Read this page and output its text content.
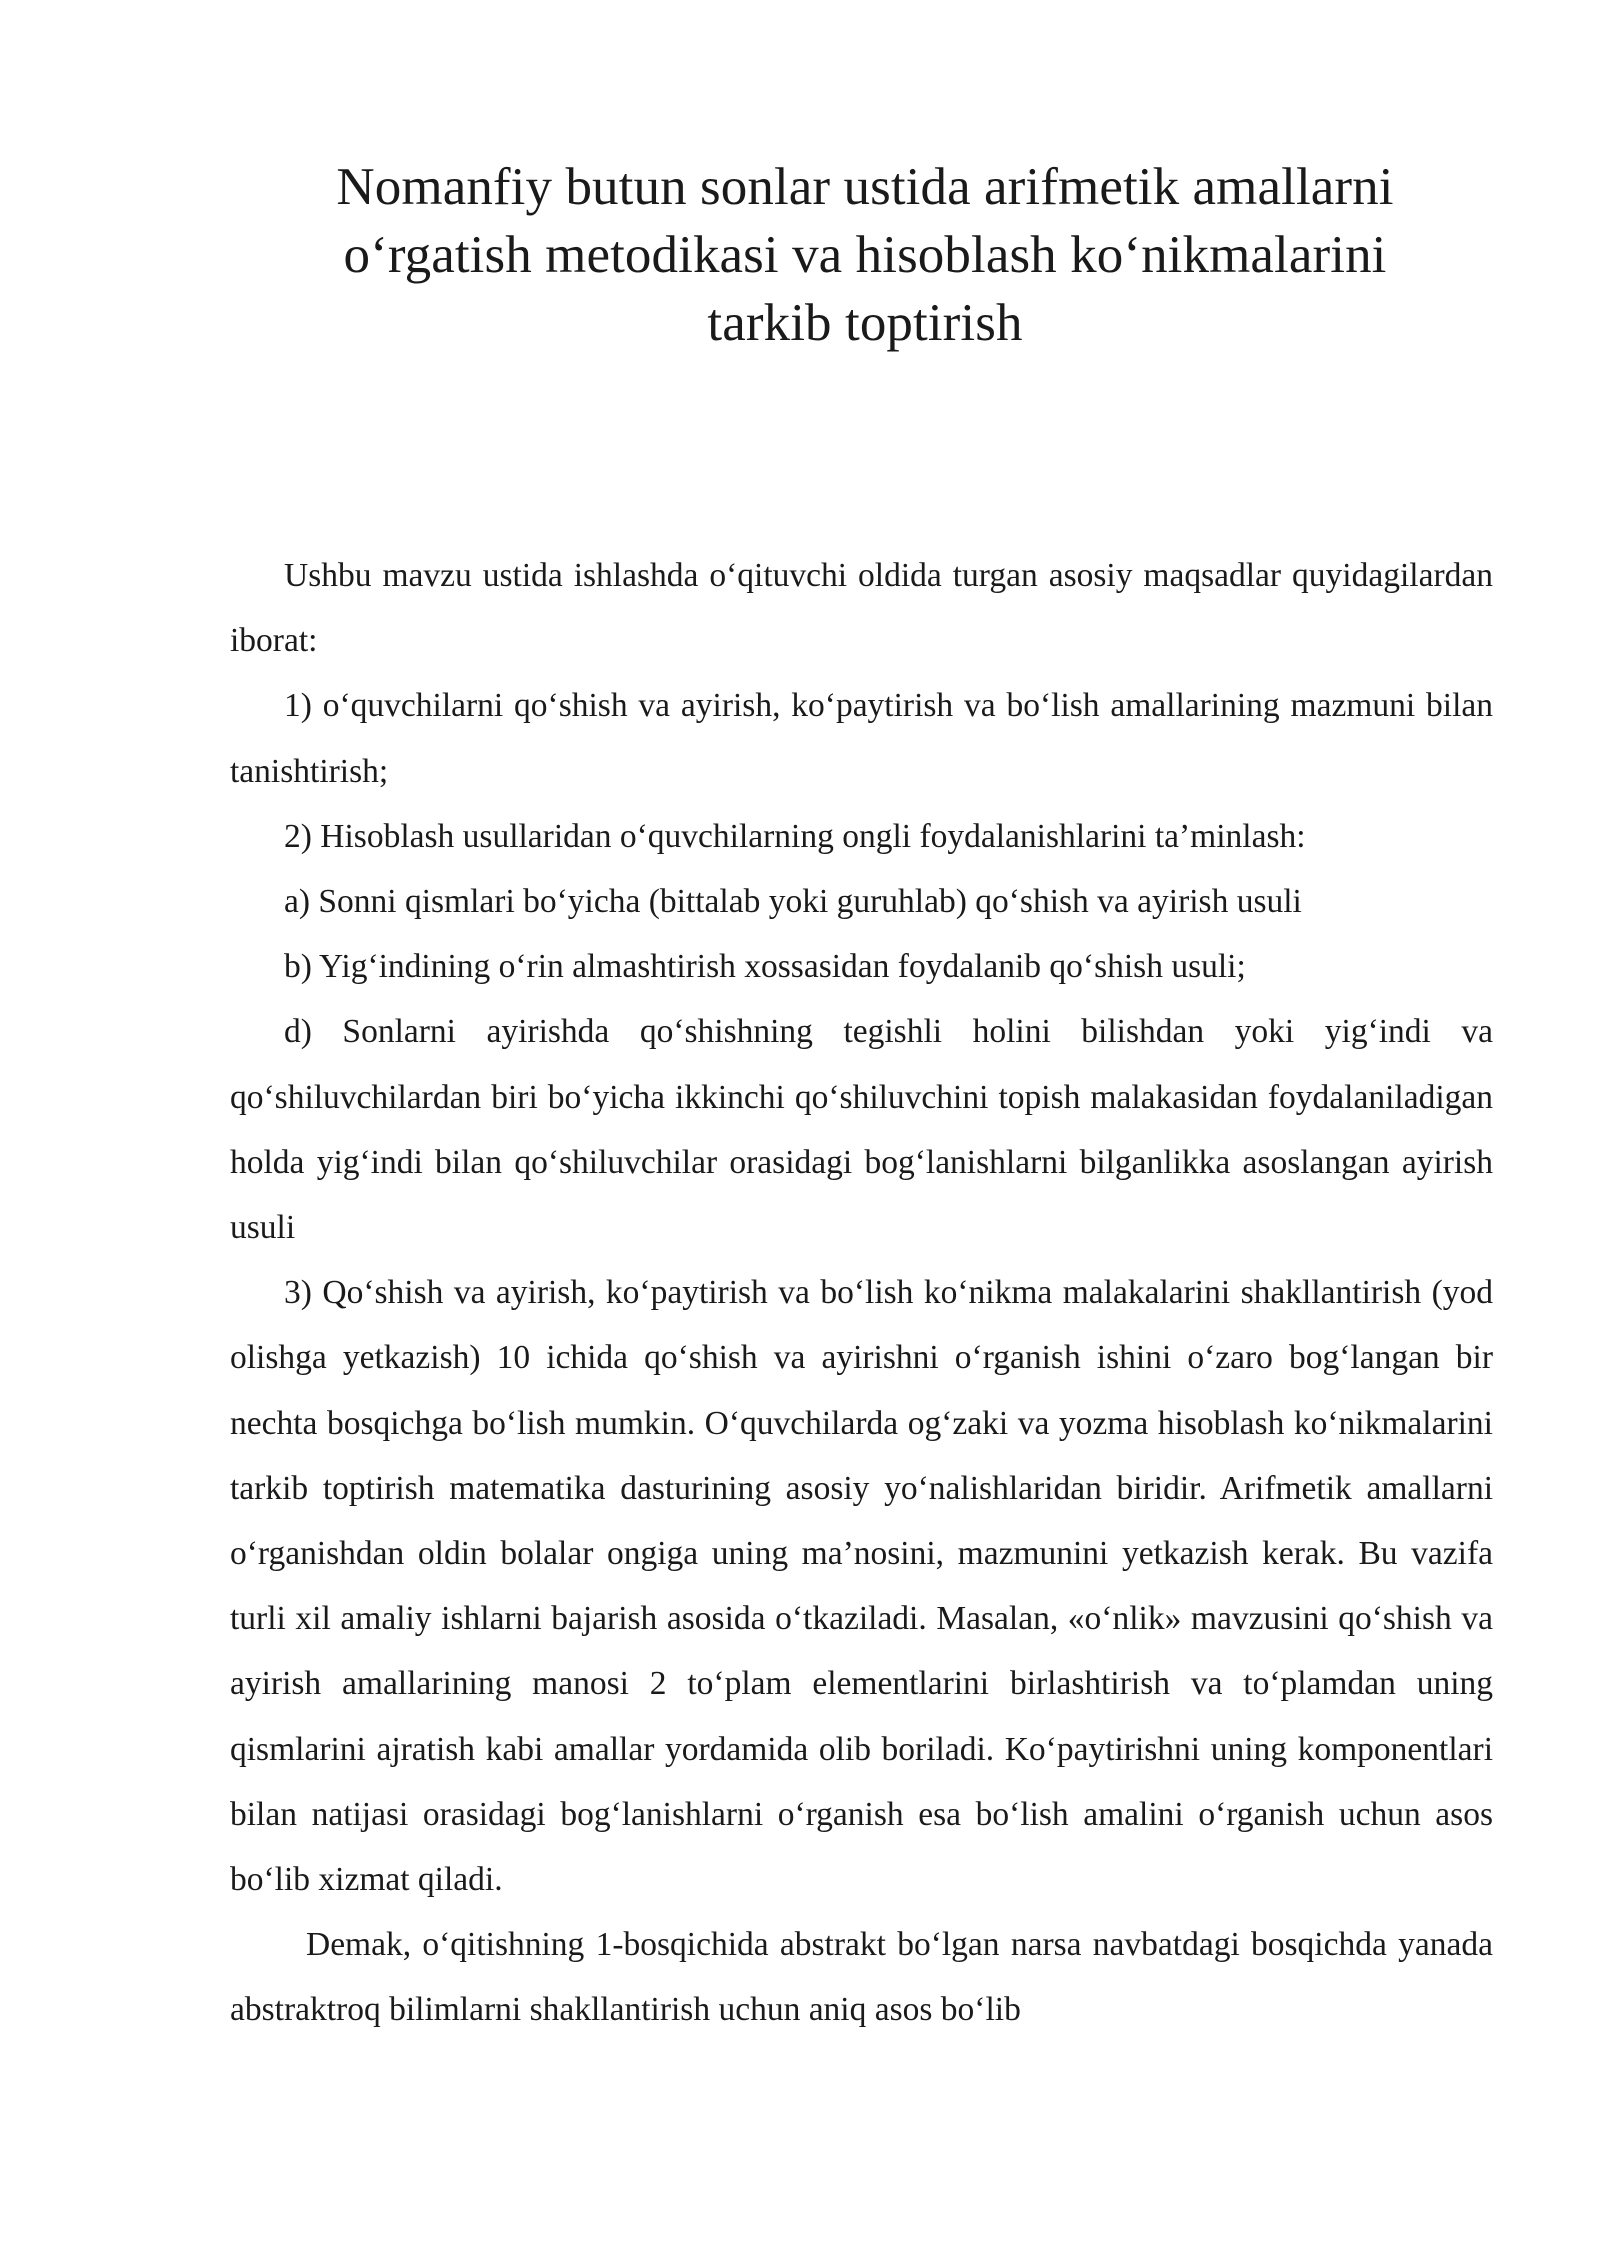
Nomanfiy butun sonlar ustida arifmetik amallarni
o‘rgatish metodikasi va hisoblash ko‘nikmalarini
tarkib toptirish

Ushbu mavzu ustida ishlashda o‘qituvchi oldida turgan asosiy maqsadlar quyidagilardan iborat:

1) o‘quvchilarni qo‘shish va ayirish, ko‘paytirish va bo‘lish amallarining mazmuni bilan tanishtirish;

2) Hisoblash usullaridan o‘quvchilarning ongli foydalanishlarini ta’minlash:

a) Sonni qismlari bo‘yicha (bittalab yoki guruhlab) qo‘shish va ayirish usuli

b) Yig‘indining o‘rin almashtirish xossasidan foydalanib qo‘shish usuli;

d) Sonlarni ayirishda qo‘shishning tegishli holini bilishdan yoki yig‘indi va qo‘shiluvchilardan biri bo‘yicha ikkinchi qo‘shiluvchini topish malakasidan foydalaniladigan holda yig‘indi bilan qo‘shiluvchilar orasidagi bog‘lanishlarni bilganlikka asoslangan ayirish usuli

3) Qo‘shish va ayirish, ko‘paytirish va bo‘lish ko‘nikma malakalarini shakllantirish (yod olishga yetkazish) 10 ichida qo‘shish va ayirishni o‘rganish ishini o‘zaro bog‘langan bir nechta bosqichga bo‘lish mumkin. O‘quvchilarda og‘zaki va yozma hisoblash ko‘nikmalarini tarkib toptirish matematika dasturining asosiy yo‘nalishlaridan biridir. Arifmetik amallarni o‘rganishdan oldin bolalar ongiga uning ma’nosini, mazmunini yetkazish kerak. Bu vazifa turli xil amaliy ishlarni bajarish asosida o‘tkaziladi. Masalan, «o‘nlik» mavzusini qo‘shish va ayirish amallarining manosi 2 to‘plam elementlarini birlashtirish va to‘plamdan uning qismlarini ajratish kabi amallar yordamida olib boriladi. Ko‘paytirishni uning komponentlari bilan natijasi orasidagi bog‘lanishlarni o‘rganish esa bo‘lish amalini o‘rganish uchun asos bo‘lib xizmat qiladi.

Demak, o‘qitishning 1-bosqichida abstrakt bo‘lgan narsa navbatdagi bosqichda yanada abstraktroq bilimlarni shakllantirish uchun aniq asos bo‘lib
